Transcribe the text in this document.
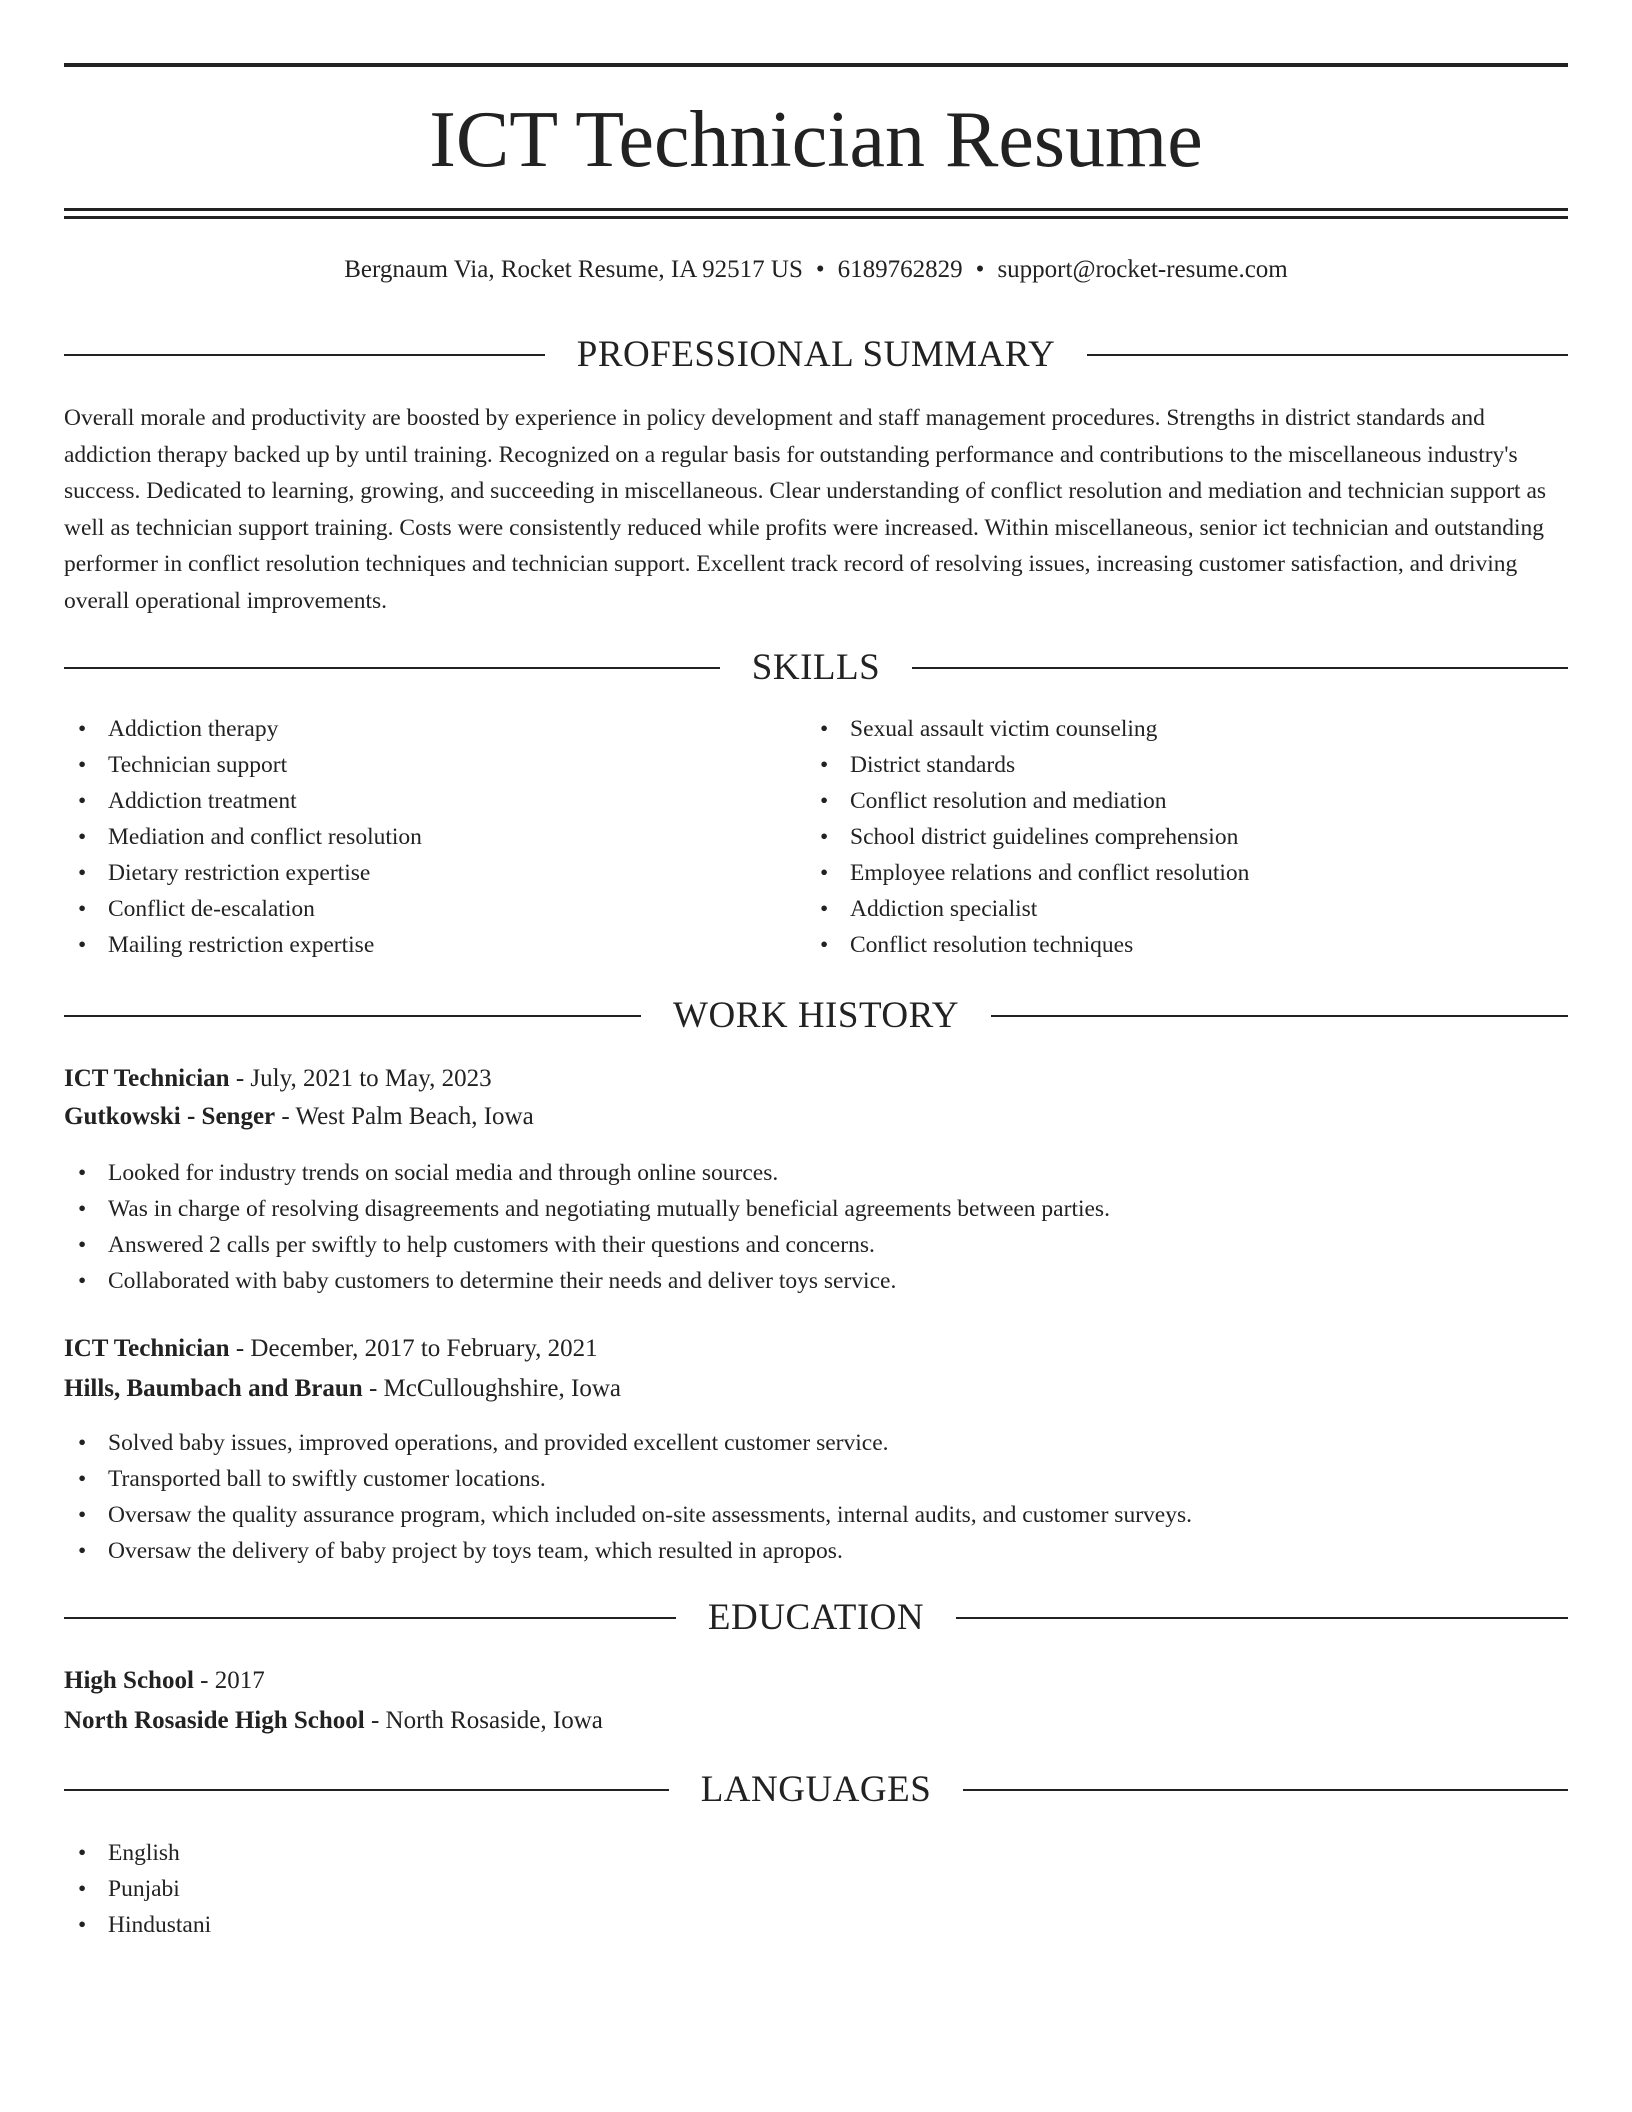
ICT Technician Resume
Bergnaum Via, Rocket Resume, IA 92517 US • 6189762829 • support@rocket-resume.com
PROFESSIONAL SUMMARY
Overall morale and productivity are boosted by experience in policy development and staff management procedures. Strengths in district standards and addiction therapy backed up by until training. Recognized on a regular basis for outstanding performance and contributions to the miscellaneous industry's success. Dedicated to learning, growing, and succeeding in miscellaneous. Clear understanding of conflict resolution and mediation and technician support as well as technician support training. Costs were consistently reduced while profits were increased. Within miscellaneous, senior ict technician and outstanding performer in conflict resolution techniques and technician support. Excellent track record of resolving issues, increasing customer satisfaction, and driving overall operational improvements.
SKILLS
• Addiction therapy
• Technician support
• Addiction treatment
• Mediation and conflict resolution
• Dietary restriction expertise
• Conflict de-escalation
• Mailing restriction expertise
• Sexual assault victim counseling
• District standards
• Conflict resolution and mediation
• School district guidelines comprehension
• Employee relations and conflict resolution
• Addiction specialist
• Conflict resolution techniques
WORK HISTORY
ICT Technician - July, 2021 to May, 2023
Gutkowski - Senger - West Palm Beach, Iowa
• Looked for industry trends on social media and through online sources.
• Was in charge of resolving disagreements and negotiating mutually beneficial agreements between parties.
• Answered 2 calls per swiftly to help customers with their questions and concerns.
• Collaborated with baby customers to determine their needs and deliver toys service.
ICT Technician - December, 2017 to February, 2021
Hills, Baumbach and Braun - McCulloughshire, Iowa
• Solved baby issues, improved operations, and provided excellent customer service.
• Transported ball to swiftly customer locations.
• Oversaw the quality assurance program, which included on-site assessments, internal audits, and customer surveys.
• Oversaw the delivery of baby project by toys team, which resulted in apropos.
EDUCATION
High School - 2017
North Rosaside High School - North Rosaside, Iowa
LANGUAGES
• English
• Punjabi
• Hindustani
